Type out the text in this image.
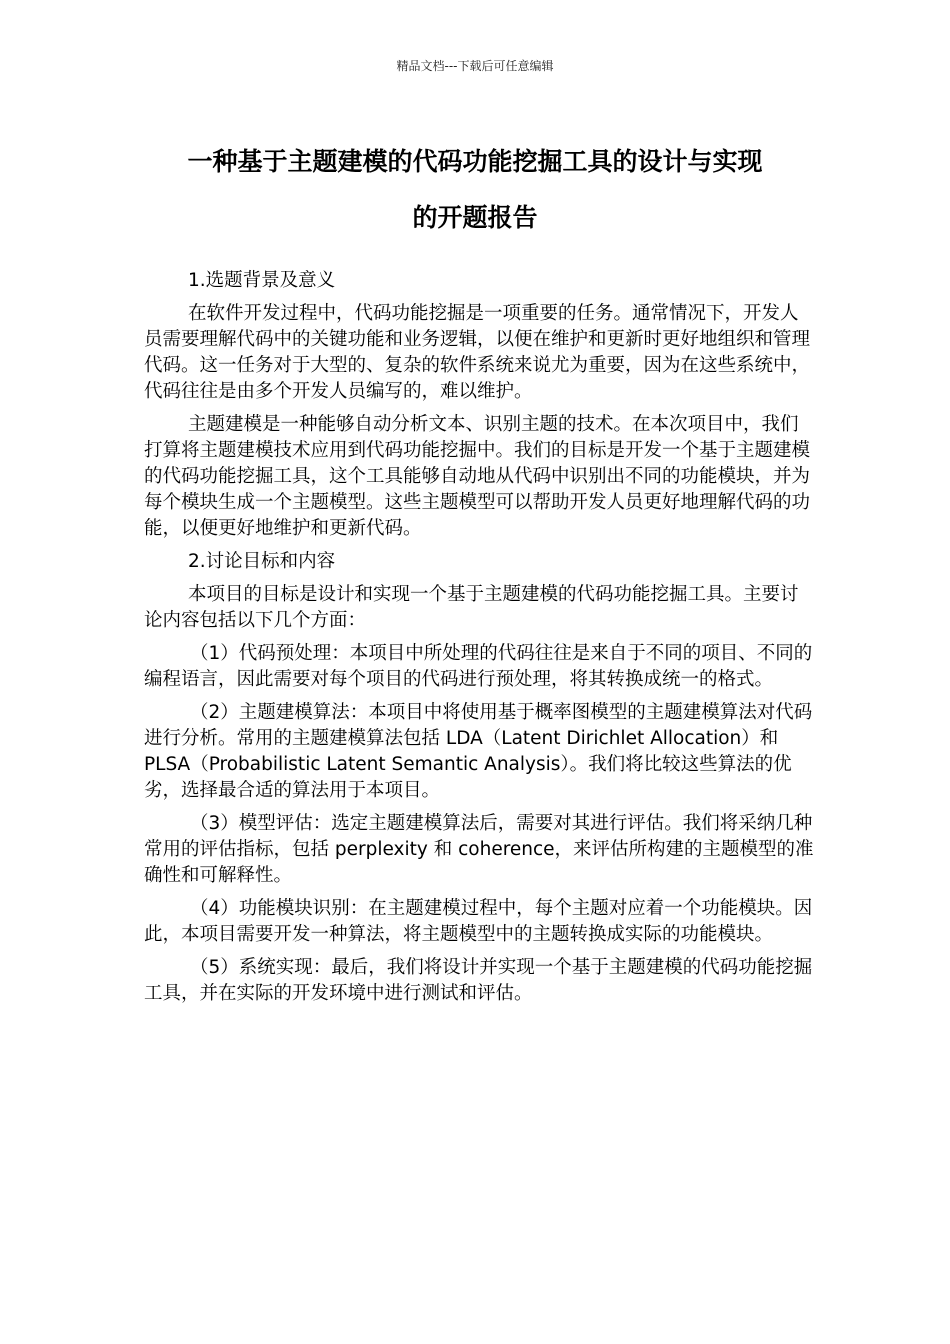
精品文档---下载后可任意编辑
一种基于主题建模的代码功能挖掘工具的设计与实现
的开题报告

1.选题背景及意义

在软件开发过程中，代码功能挖掘是一项重要的任务。通常情况下，开发人员需要理解代码中的关键功能和业务逻辑，以便在维护和更新时更好地组织和管理代码。这一任务对于大型的、复杂的软件系统来说尤为重要，因为在这些系统中，代码往往是由多个开发人员编写的，难以维护。

主题建模是一种能够自动分析文本、识别主题的技术。在本次项目中，我们打算将主题建模技术应用到代码功能挖掘中。我们的目标是开发一个基于主题建模的代码功能挖掘工具，这个工具能够自动地从代码中识别出不同的功能模块，并为每个模块生成一个主题模型。这些主题模型可以帮助开发人员更好地理解代码的功能，以便更好地维护和更新代码。

2.讨论目标和内容

本项目的目标是设计和实现一个基于主题建模的代码功能挖掘工具。主要讨论内容包括以下几个方面：

（1）代码预处理：本项目中所处理的代码往往是来自于不同的项目、不同的编程语言，因此需要对每个项目的代码进行预处理，将其转换成统一的格式。

（2）主题建模算法：本项目中将使用基于概率图模型的主题建模算法对代码进行分析。常用的主题建模算法包括 LDA（Latent Dirichlet Allocation）和 PLSA（Probabilistic Latent Semantic Analysis）。我们将比较这些算法的优劣，选择最合适的算法用于本项目。

（3）模型评估：选定主题建模算法后，需要对其进行评估。我们将采纳几种常用的评估指标，包括 perplexity 和 coherence，来评估所构建的主题模型的准确性和可解释性。

（4）功能模块识别：在主题建模过程中，每个主题对应着一个功能模块。因此，本项目需要开发一种算法，将主题模型中的主题转换成实际的功能模块。

（5）系统实现：最后，我们将设计并实现一个基于主题建模的代码功能挖掘工具，并在实际的开发环境中进行测试和评估。
